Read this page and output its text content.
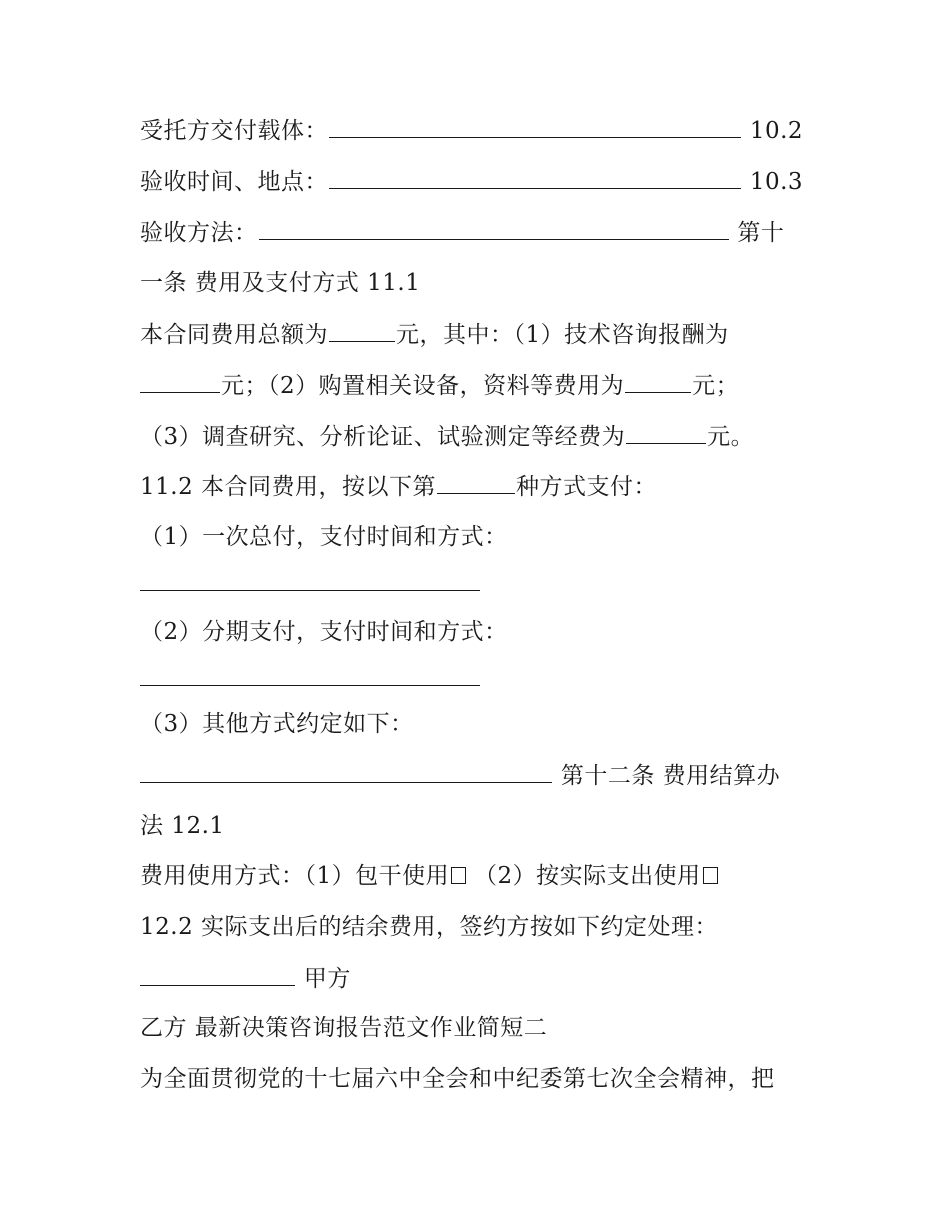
受托方交付载体：	10.2
验收时间、地点：	10.3
验收方法：	第十
一条 费用及支付方式 11.1
本合同费用总额为	元，其中：（1）技术咨询报酬为
元；（2）购置相关设备，资料等费用为	元；
（3）调查研究、分析论证、试验测定等经费为	元。
11.2 本合同费用，按以下第	种方式支付：
（1）一次总付，支付时间和方式：
（2）分期支付，支付时间和方式：
（3）其他方式约定如下：
第十二条 费用结算办
法 12.1
费用使用方式：（1）包干使用 （2）按实际支出使用
12.2 实际支出后的结余费用，签约方按如下约定处理：
甲方
乙方 最新决策咨询报告范文作业简短二
为全面贯彻党的十七届六中全会和中纪委第七次全会精神，把
